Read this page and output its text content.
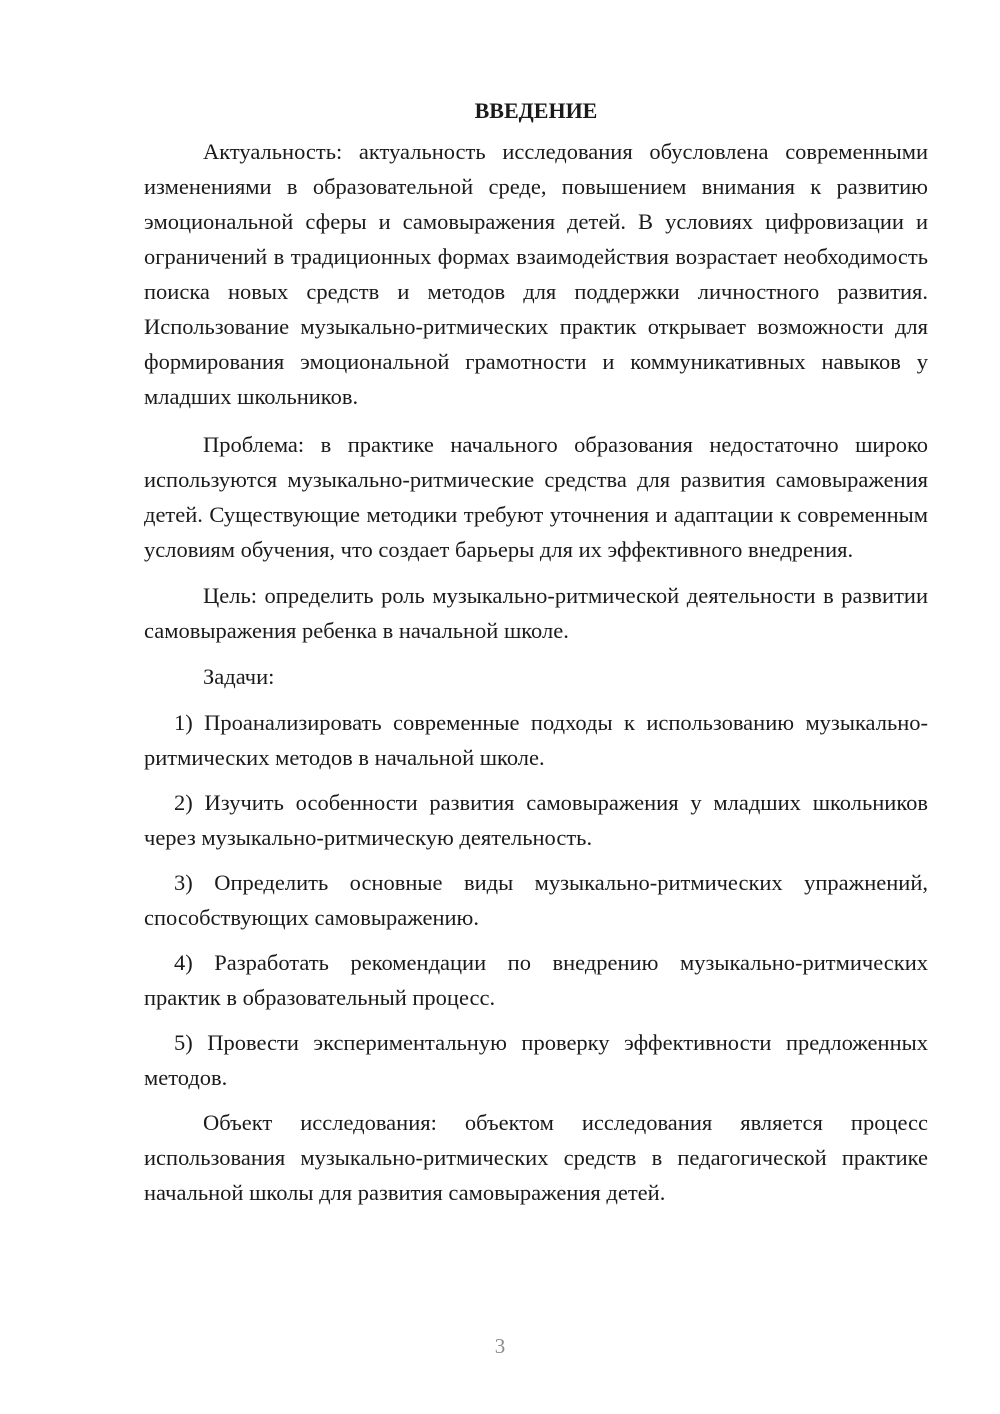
ВВЕДЕНИЕ

Актуальность: актуальность исследования обусловлена современными изменениями в образовательной среде, повышением внимания к развитию эмоциональной сферы и самовыражения детей. В условиях цифровизации и ограничений в традиционных формах взаимодействия возрастает необходимость поиска новых средств и методов для поддержки личностного развития. Использование музыкально-ритмических практик открывает возможности для формирования эмоциональной грамотности и коммуникативных навыков у младших школьников.

Проблема: в практике начального образования недостаточно широко используются музыкально-ритмические средства для развития самовыражения детей. Существующие методики требуют уточнения и адаптации к современным условиям обучения, что создает барьеры для их эффективного внедрения.

Цель: определить роль музыкально-ритмической деятельности в развитии самовыражения ребенка в начальной школе.

Задачи:

1) Проанализировать современные подходы к использованию музыкально-ритмических методов в начальной школе.

2) Изучить особенности развития самовыражения у младших школьников через музыкально-ритмическую деятельность.

3) Определить основные виды музыкально-ритмических упражнений, способствующих самовыражению.

4) Разработать рекомендации по внедрению музыкально-ритмических практик в образовательный процесс.

5) Провести экспериментальную проверку эффективности предложенных методов.

Объект исследования: объектом исследования является процесс использования музыкально-ритмических средств в педагогической практике начальной школы для развития самовыражения детей.

3
